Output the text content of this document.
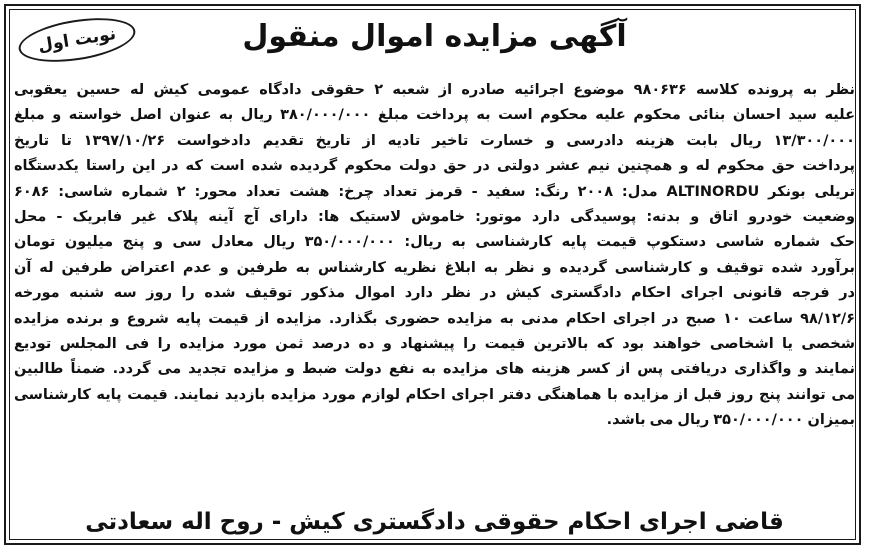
نوبت اول	آگهی مزایده اموال منقول

نظر به پرونده کلاسه ۹۸۰۶۳۶ موضوع اجرائیه صادره از شعبه ۲ حقوقی دادگاه عمومی کیش له حسین یعقوبی

علیه سید احسان بنائی محکوم علیه محکوم است به پرداخت مبلغ ۳۸۰/۰۰۰/۰۰۰ ریال به عنوان اصل خواسته و مبلغ

۱۳/۳۰۰/۰۰۰ ریال بابت هزینه دادرسی و خسارت تاخیر تادیه از تاریخ تقدیم دادخواست ۱۳۹۷/۱۰/۲۶ تا تاریخ

پرداخت حق محکوم له و همچنین نیم عشر دولتی در حق دولت محکوم گردیده شده است که در این راستا یکدستگاه

تریلی بونکر ALTINORDU مدل: ۲۰۰۸ رنگ: سفید - قرمز تعداد چرخ: هشت تعداد محور: ۲ شماره شاسی: ۶۰۸۶

وضعیت خودرو اتاق و بدنه: پوسیدگی دارد موتور: خاموش لاستیک ها: دارای آج آینه پلاک غیر فابریک - محل

حک شماره شاسی دستکوپ قیمت پایه کارشناسی به ریال: ۳۵۰/۰۰۰/۰۰۰ ریال معادل سی و پنج میلیون تومان

برآورد شده توقیف و کارشناسی گردیده و نظر به ابلاغ نظریه کارشناس به طرفین و عدم اعتراض طرفین له آن

در فرجه قانونی اجرای احکام دادگستری کیش در نظر دارد اموال مذکور توقیف شده را روز سه شنبه مورخه

۹۸/۱۲/۶ ساعت ۱۰ صبح در اجرای احکام مدنی به مزایده حضوری بگذارد. مزایده از قیمت پایه شروع و برنده مزایده

شخصی یا اشخاصی خواهند بود که بالاترین قیمت را پیشنهاد و ده درصد ثمن مورد مزایده را فی المجلس تودیع

نمایند و واگذاری دریافتی پس از کسر هزینه های مزایده به نفع دولت ضبط و مزایده تجدید می گردد. ضمناً طالبین

می توانند پنج روز قبل از مزایده با هماهنگی دفتر اجرای احکام لوازم مورد مزایده بازدید نمایند. قیمت پایه کارشناسی

بمیزان ۳۵۰/۰۰۰/۰۰۰ ریال می باشد.

قاضی اجرای احکام حقوقی دادگستری کیش - روح اله سعادتی
